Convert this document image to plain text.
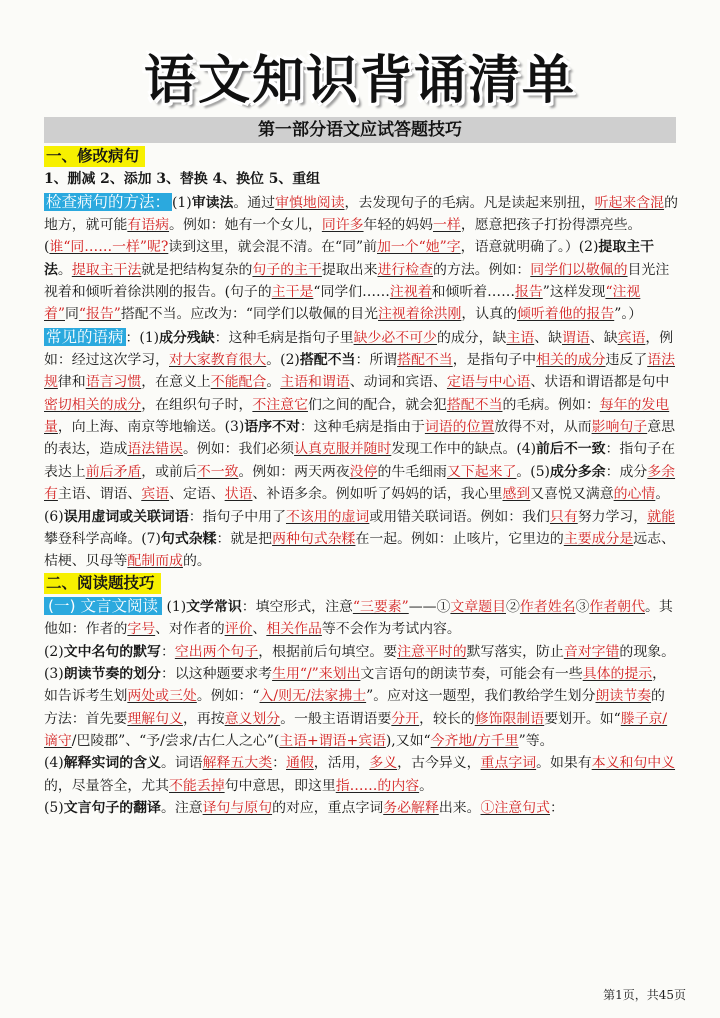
语文知识背诵清单
第一部分语文应试答题技巧

一、修改病句

1、删减 2、添加 3、替换 4、换位 5、重组

检查病句的方法： (1)审读法。通过审慎地阅读，去发现句子的毛病。凡是读起来别扭，听起来含混的地方，就可能有语病。例如：她有一个女儿，同许多年轻的妈妈一样，愿意把孩子打扮得漂亮些。(谁“同……一样”呢?读到这里，就会混不清。在“同”前加一个“她”字，语意就明确了。）(2)提取主干法。提取主干法就是把结构复杂的句子的主干提取出来进行检查的方法。例如：同学们以敬佩的目光注视着和倾听着徐洪刚的报告。(句子的主干是“同学们……注视着和倾听着……报告”这样发现“注视着”同“报告”搭配不当。应改为：“同学们以敬佩的目光注视着徐洪刚，认真的倾听着他的报告”。）

常见的语病 ：(1)成分残缺：这种毛病是指句子里缺少必不可少的成分，缺主语、缺谓语、缺宾语，例如：经过这次学习，对大家教育很大。(2)搭配不当：所谓搭配不当，是指句子中相关的成分违反了语法规律和语言习惯，在意义上不能配合。主语和谓语、动词和宾语、定语与中心语、状语和谓语都是句中密切相关的成分，在组织句子时，不注意它们之间的配合，就会犯搭配不当的毛病。例如：每年的发电量，向上海、南京等地输送。(3)语序不对：这种毛病是指由于词语的位置放得不对，从而影响句子意思的表达，造成语法错误。例如：我们必须认真克服并随时发现工作中的缺点。(4)前后不一致：指句子在表达上前后矛盾，或前后不一致。例如：两天两夜没停的牛毛细雨又下起来了。(5)成分多余：成分多余有主语、谓语、宾语、定语、状语、补语多余。例如听了妈妈的话，我心里感到又喜悦又满意的心情。(6)误用虚词或关联词语：指句子中用了不该用的虚词或用错关联词语。例如：我们只有努力学习，就能攀登科学高峰。(7)句式杂糅：就是把两种句式杂糅在一起。例如：止咳片，它里边的主要成分是远志、桔梗、贝母等配制而成的。

二、阅读题技巧

(一) 文言文阅读 (1)文学常识：填空形式，注意“三要素”——①文章题目②作者姓名③作者朝代。其他如：作者的字号、对作者的评价、相关作品等不会作为考试内容。

(2)文中名句的默写：空出两个句子，根据前后句填空。要注意平时的默写落实，防止音对字错的现象。

(3)朗读节奏的划分：以这种题要求考生用“/”来划出文言语句的朗读节奏，可能会有一些具体的提示，如告诉考生划两处或三处。例如：“入/则无/法家拂士”。应对这一题型，我们教给学生划分朗读节奏的方法：首先要理解句义，再按意义划分。一般主语谓语要分开，较长的修饰限制语要划开。如“滕子京/谪守/巴陵郡”、“予/尝求/古仁人之心”(主语+谓语+宾语),又如“今齐地/方千里”等。

(4)解释实词的含义。词语解释五大类：通假，活用，多义，古今异义，重点字词。如果有本义和句中义的，尽量答全，尤其不能丢掉句中意思，即这里指……的内容。

(5)文言句子的翻译。注意译句与原句的对应，重点字词务必解释出来。①注意句式：

第1页，共45页
